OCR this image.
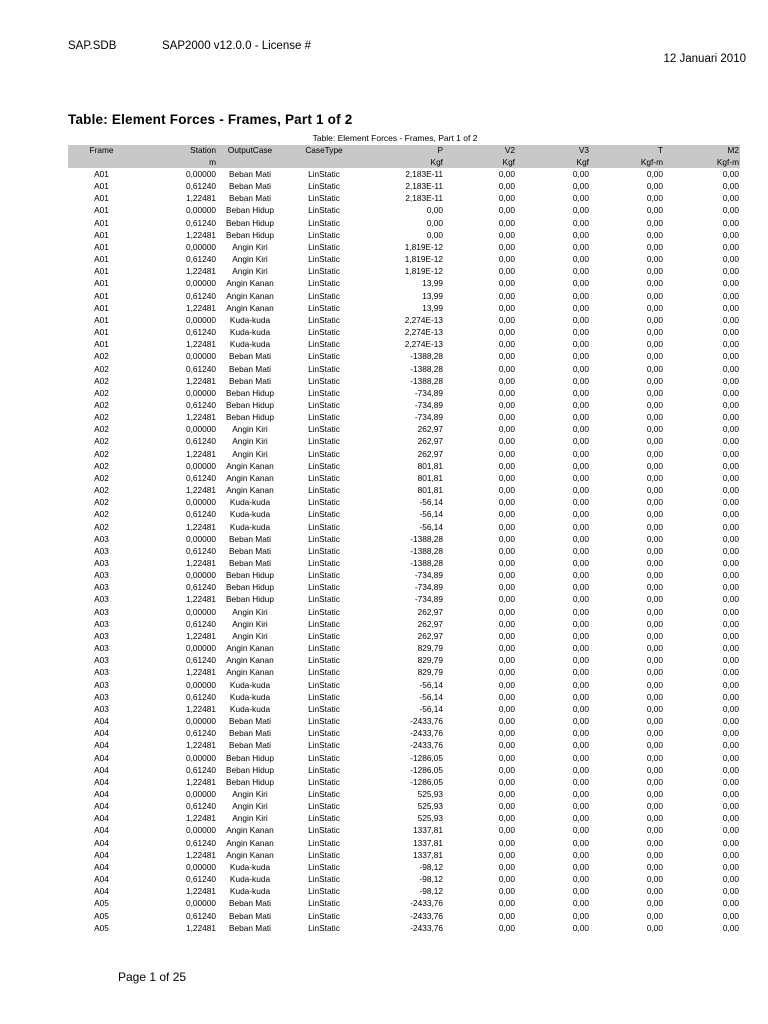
SAP.SDB	SAP2000 v12.0.0 - License #
12 Januari 2010
Table: Element Forces - Frames, Part 1 of 2
Table: Element Forces - Frames, Part 1 of 2
Frame	Station	OutputCase	CaseType	P	V2	V3	T	M2
	m			Kgf	Kgf	Kgf	Kgf-m	Kgf-m
A01	0,00000	Beban Mati	LinStatic	2,183E-11	0,00	0,00	0,00	0,00
A01	0,61240	Beban Mati	LinStatic	2,183E-11	0,00	0,00	0,00	0,00
A01	1,22481	Beban Mati	LinStatic	2,183E-11	0,00	0,00	0,00	0,00
A01	0,00000	Beban Hidup	LinStatic	0,00	0,00	0,00	0,00	0,00
A01	0,61240	Beban Hidup	LinStatic	0,00	0,00	0,00	0,00	0,00
A01	1,22481	Beban Hidup	LinStatic	0,00	0,00	0,00	0,00	0,00
A01	0,00000	Angin Kiri	LinStatic	1,819E-12	0,00	0,00	0,00	0,00
A01	0,61240	Angin Kiri	LinStatic	1,819E-12	0,00	0,00	0,00	0,00
A01	1,22481	Angin Kiri	LinStatic	1,819E-12	0,00	0,00	0,00	0,00
A01	0,00000	Angin Kanan	LinStatic	13,99	0,00	0,00	0,00	0,00
A01	0,61240	Angin Kanan	LinStatic	13,99	0,00	0,00	0,00	0,00
A01	1,22481	Angin Kanan	LinStatic	13,99	0,00	0,00	0,00	0,00
A01	0,00000	Kuda-kuda	LinStatic	2,274E-13	0,00	0,00	0,00	0,00
A01	0,61240	Kuda-kuda	LinStatic	2,274E-13	0,00	0,00	0,00	0,00
A01	1,22481	Kuda-kuda	LinStatic	2,274E-13	0,00	0,00	0,00	0,00
A02	0,00000	Beban Mati	LinStatic	-1388,28	0,00	0,00	0,00	0,00
A02	0,61240	Beban Mati	LinStatic	-1388,28	0,00	0,00	0,00	0,00
A02	1,22481	Beban Mati	LinStatic	-1388,28	0,00	0,00	0,00	0,00
A02	0,00000	Beban Hidup	LinStatic	-734,89	0,00	0,00	0,00	0,00
A02	0,61240	Beban Hidup	LinStatic	-734,89	0,00	0,00	0,00	0,00
A02	1,22481	Beban Hidup	LinStatic	-734,89	0,00	0,00	0,00	0,00
A02	0,00000	Angin Kiri	LinStatic	262,97	0,00	0,00	0,00	0,00
A02	0,61240	Angin Kiri	LinStatic	262,97	0,00	0,00	0,00	0,00
A02	1,22481	Angin Kiri	LinStatic	262,97	0,00	0,00	0,00	0,00
A02	0,00000	Angin Kanan	LinStatic	801,81	0,00	0,00	0,00	0,00
A02	0,61240	Angin Kanan	LinStatic	801,81	0,00	0,00	0,00	0,00
A02	1,22481	Angin Kanan	LinStatic	801,81	0,00	0,00	0,00	0,00
A02	0,00000	Kuda-kuda	LinStatic	-56,14	0,00	0,00	0,00	0,00
A02	0,61240	Kuda-kuda	LinStatic	-56,14	0,00	0,00	0,00	0,00
A02	1,22481	Kuda-kuda	LinStatic	-56,14	0,00	0,00	0,00	0,00
A03	0,00000	Beban Mati	LinStatic	-1388,28	0,00	0,00	0,00	0,00
A03	0,61240	Beban Mati	LinStatic	-1388,28	0,00	0,00	0,00	0,00
A03	1,22481	Beban Mati	LinStatic	-1388,28	0,00	0,00	0,00	0,00
A03	0,00000	Beban Hidup	LinStatic	-734,89	0,00	0,00	0,00	0,00
A03	0,61240	Beban Hidup	LinStatic	-734,89	0,00	0,00	0,00	0,00
A03	1,22481	Beban Hidup	LinStatic	-734,89	0,00	0,00	0,00	0,00
A03	0,00000	Angin Kiri	LinStatic	262,97	0,00	0,00	0,00	0,00
A03	0,61240	Angin Kiri	LinStatic	262,97	0,00	0,00	0,00	0,00
A03	1,22481	Angin Kiri	LinStatic	262,97	0,00	0,00	0,00	0,00
A03	0,00000	Angin Kanan	LinStatic	829,79	0,00	0,00	0,00	0,00
A03	0,61240	Angin Kanan	LinStatic	829,79	0,00	0,00	0,00	0,00
A03	1,22481	Angin Kanan	LinStatic	829,79	0,00	0,00	0,00	0,00
A03	0,00000	Kuda-kuda	LinStatic	-56,14	0,00	0,00	0,00	0,00
A03	0,61240	Kuda-kuda	LinStatic	-56,14	0,00	0,00	0,00	0,00
A03	1,22481	Kuda-kuda	LinStatic	-56,14	0,00	0,00	0,00	0,00
A04	0,00000	Beban Mati	LinStatic	-2433,76	0,00	0,00	0,00	0,00
A04	0,61240	Beban Mati	LinStatic	-2433,76	0,00	0,00	0,00	0,00
A04	1,22481	Beban Mati	LinStatic	-2433,76	0,00	0,00	0,00	0,00
A04	0,00000	Beban Hidup	LinStatic	-1286,05	0,00	0,00	0,00	0,00
A04	0,61240	Beban Hidup	LinStatic	-1286,05	0,00	0,00	0,00	0,00
A04	1,22481	Beban Hidup	LinStatic	-1286,05	0,00	0,00	0,00	0,00
A04	0,00000	Angin Kiri	LinStatic	525,93	0,00	0,00	0,00	0,00
A04	0,61240	Angin Kiri	LinStatic	525,93	0,00	0,00	0,00	0,00
A04	1,22481	Angin Kiri	LinStatic	525,93	0,00	0,00	0,00	0,00
A04	0,00000	Angin Kanan	LinStatic	1337,81	0,00	0,00	0,00	0,00
A04	0,61240	Angin Kanan	LinStatic	1337,81	0,00	0,00	0,00	0,00
A04	1,22481	Angin Kanan	LinStatic	1337,81	0,00	0,00	0,00	0,00
A04	0,00000	Kuda-kuda	LinStatic	-98,12	0,00	0,00	0,00	0,00
A04	0,61240	Kuda-kuda	LinStatic	-98,12	0,00	0,00	0,00	0,00
A04	1,22481	Kuda-kuda	LinStatic	-98,12	0,00	0,00	0,00	0,00
A05	0,00000	Beban Mati	LinStatic	-2433,76	0,00	0,00	0,00	0,00
A05	0,61240	Beban Mati	LinStatic	-2433,76	0,00	0,00	0,00	0,00
A05	1,22481	Beban Mati	LinStatic	-2433,76	0,00	0,00	0,00	0,00
Page 1 of 25
